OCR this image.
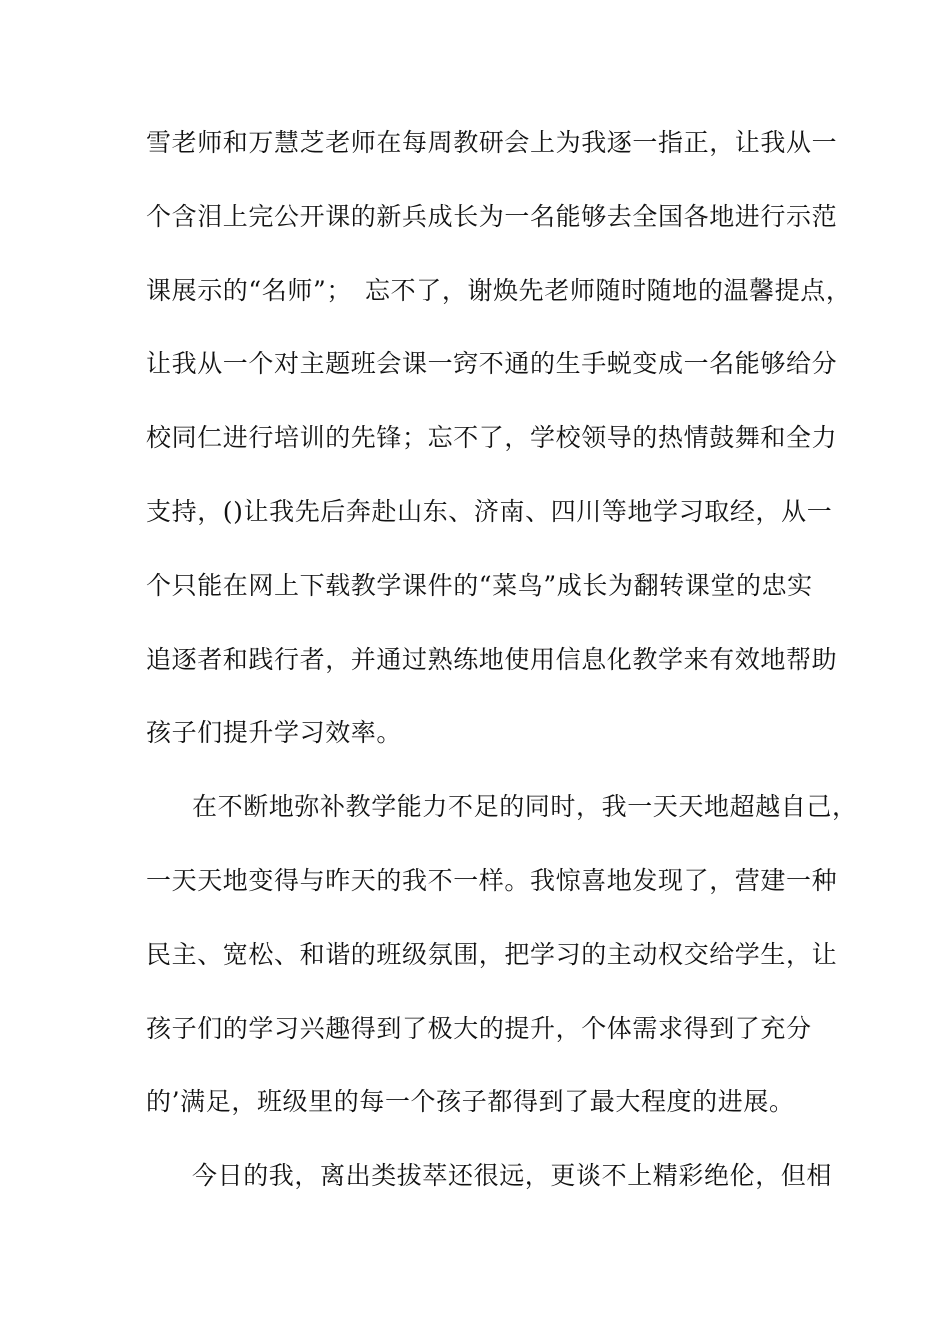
雪老师和万慧芝老师在每周教研会上为我逐一指正，让我从一
个含泪上完公开课的新兵成长为一名能够去全国各地进行示范
课展示的“名师”；　忘不了，谢焕先老师随时随地的温馨提点，
让我从一个对主题班会课一窍不通的生手蜕变成一名能够给分
校同仁进行培训的先锋；忘不了，学校领导的热情鼓舞和全力
支持，()让我先后奔赴山东、济南、四川等地学习取经，从一
个只能在网上下载教学课件的“菜鸟”成长为翻转课堂的忠实
追逐者和践行者，并通过熟练地使用信息化教学来有效地帮助
孩子们提升学习效率。
在不断地弥补教学能力不足的同时，我一天天地超越自己，
一天天地变得与昨天的我不一样。我惊喜地发现了，营建一种
民主、宽松、和谐的班级氛围，把学习的主动权交给学生，让
孩子们的学习兴趣得到了极大的提升，个体需求得到了充分
的’满足，班级里的每一个孩子都得到了最大程度的进展。
今日的我，离出类拔萃还很远，更谈不上精彩绝伦，但相
